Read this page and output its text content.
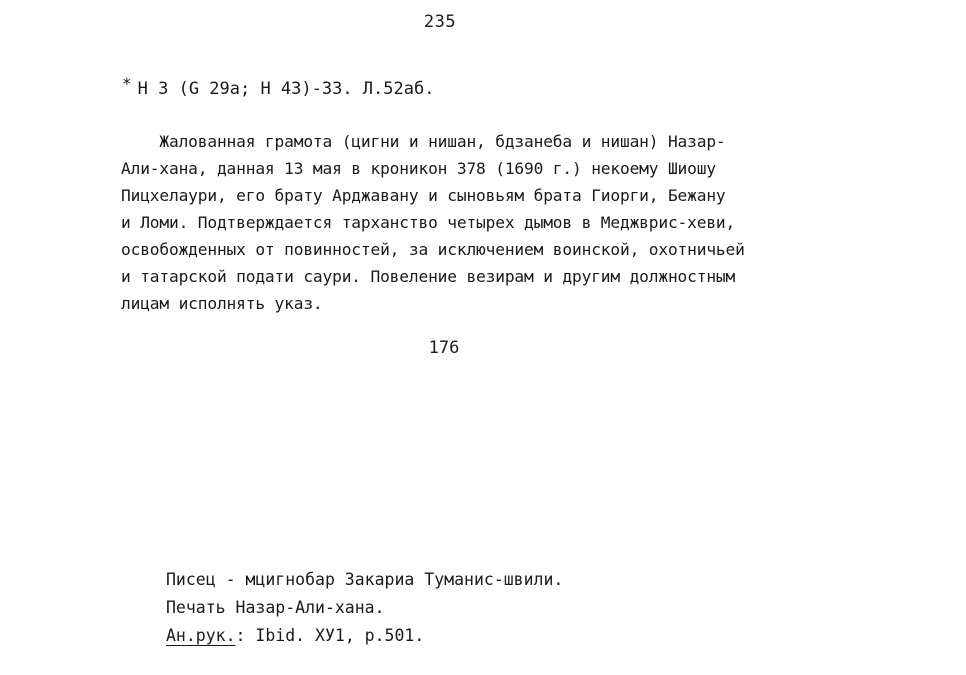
235
* Н 3 (G 29а; Н 43)-33. Л.52аб.
Жалованная грамота (цигни и нишан, бдзанеба и нишан) Назар-
Али-хана, данная 13 мая в кроникон 378 (1690 г.) некоему Шиошу
Пицхелаури, его брату Арджавану и сыновьям брата Гиорги, Бежану
и Ломи. Подтверждается тарханство четырех дымов в Меджврис-хеви,
освобожденных от повинностей, за исключением воинской, охотничьей
и татарской подати саури. Повеление везирам и другим должностным
лицам исполнять указ.
176
Писец - мцигнобар Закариа Туманис-швили.
Печать Назар-Али-хана.
Ан.рук.: Ibid. XУ1, p.501.
